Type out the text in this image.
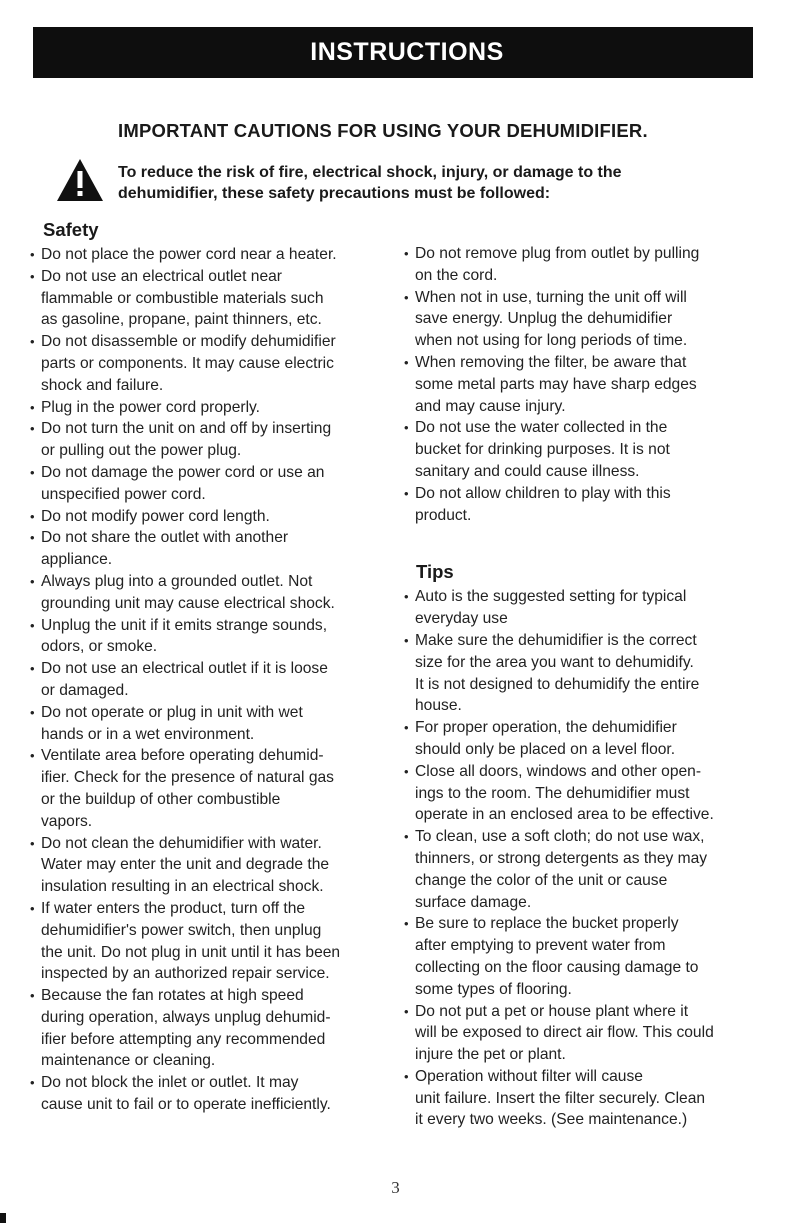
INSTRUCTIONS
IMPORTANT CAUTIONS FOR USING YOUR DEHUMIDIFIER.

To reduce the risk of fire, electrical shock, injury, or damage to the
dehumidifier, these safety precautions must be followed:

Safety
• Do not place the power cord near a heater.
• Do not use an electrical outlet near
flammable or combustible materials such
as gasoline, propane, paint thinners, etc.
• Do not disassemble or modify dehumidifier
parts or components. It may cause electric
shock and failure.
• Plug in the power cord properly.
• Do not turn the unit on and off by inserting
or pulling out the power plug.
• Do not damage the power cord or use an
unspecified power cord.
• Do not modify power cord length.
• Do not share the outlet with another
appliance.
• Always plug into a grounded outlet. Not
grounding unit may cause electrical shock.
• Unplug the unit if it emits strange sounds,
odors, or smoke.
• Do not use an electrical outlet if it is loose
or damaged.
• Do not operate or plug in unit with wet
hands or in a wet environment.
• Ventilate area before operating dehumid-
ifier. Check for the presence of natural gas
or the buildup of other combustible
vapors.
• Do not clean the dehumidifier with water.
Water may enter the unit and degrade the
insulation resulting in an electrical shock.
• If water enters the product, turn off the
dehumidifier's power switch, then unplug
the unit. Do not plug in unit until it has been
inspected by an authorized repair service.
• Because the fan rotates at high speed
during operation, always unplug dehumid-
ifier before attempting any recommended
maintenance or cleaning.
• Do not block the inlet or outlet. It may
cause unit to fail or to operate inefficiently.
• Do not remove plug from outlet by pulling
on the cord.
• When not in use, turning the unit off will
save energy. Unplug the dehumidifier
when not using for long periods of time.
• When removing the filter, be aware that
some metal parts may have sharp edges
and may cause injury.
• Do not use the water collected in the
bucket for drinking purposes. It is not
sanitary and could cause illness.
• Do not allow children to play with this
product.
Tips
• Auto is the suggested setting for typical
everyday use
• Make sure the dehumidifier is the correct
size for the area you want to dehumidify.
It is not designed to dehumidify the entire
house.
• For proper operation, the dehumidifier
should only be placed on a level floor.
• Close all doors, windows and other open-
ings to the room. The dehumidifier must
operate in an enclosed area to be effective.
• To clean, use a soft cloth; do not use wax,
thinners, or strong detergents as they may
change the color of the unit or cause
surface damage.
• Be sure to replace the bucket properly
after emptying to prevent water from
collecting on the floor causing damage to
some types of flooring.
• Do not put a pet or house plant where it
will be exposed to direct air flow. This could
injure the pet or plant.
• Operation without filter will cause
unit failure. Insert the filter securely. Clean
it every two weeks. (See maintenance.)
3
